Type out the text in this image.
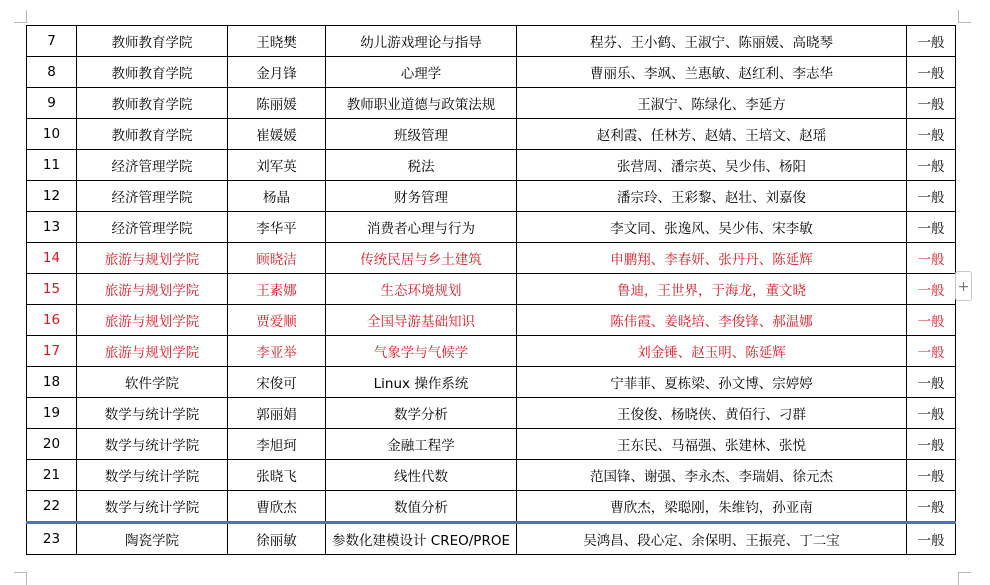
7	教师教育学院	王晓樊	幼儿游戏理论与指导	程芬、王小鹤、王淑宁、陈丽媛、高晓琴	一般
8	教师教育学院	金月锋	心理学	曹丽乐、李飒、兰惠敏、赵红利、李志华	一般
9	教师教育学院	陈丽媛	教师职业道德与政策法规	王淑宁、陈绿化、李延方	一般
10	教师教育学院	崔媛媛	班级管理	赵利霞、任林芳、赵婧、王培文、赵瑶	一般
11	经济管理学院	刘军英	税法	张营周、潘宗英、吴少伟、杨阳	一般
12	经济管理学院	杨晶	财务管理	潘宗玲、王彩黎、赵壮、刘嘉俊	一般
13	经济管理学院	李华平	消费者心理与行为	李文同、张逸风、吴少伟、宋李敏	一般
14	旅游与规划学院	顾晓洁	传统民居与乡土建筑	申鹏翔、李春妍、张丹丹、陈延辉	一般
15	旅游与规划学院	王素娜	生态环境规划	鲁迪，王世界，于海龙，董文晓	一般
16	旅游与规划学院	贾爱顺	全国导游基础知识	陈伟霞、姜晓培、李俊锋、郝温娜	一般
17	旅游与规划学院	李亚举	气象学与气候学	刘金锤、赵玉明、陈延辉	一般
18	软件学院	宋俊可	Linux 操作系统	宁菲菲、夏栋梁、孙文博、宗婷婷	一般
19	数学与统计学院	郭丽娟	数学分析	王俊俊、杨晓侠、黄佰行、刁群	一般
20	数学与统计学院	李旭珂	金融工程学	王东民、马福强、张建林、张悦	一般
21	数学与统计学院	张晓飞	线性代数	范国锋、谢强、李永杰、李瑞娟、徐元杰	一般
22	数学与统计学院	曹欣杰	数值分析	曹欣杰，梁聪刚，朱维钧，孙亚南	一般
23	陶瓷学院	徐丽敏	参数化建模设计 CREO/PROE	吴鸿昌、段心定、余保明、王振亮、丁二宝	一般
+
